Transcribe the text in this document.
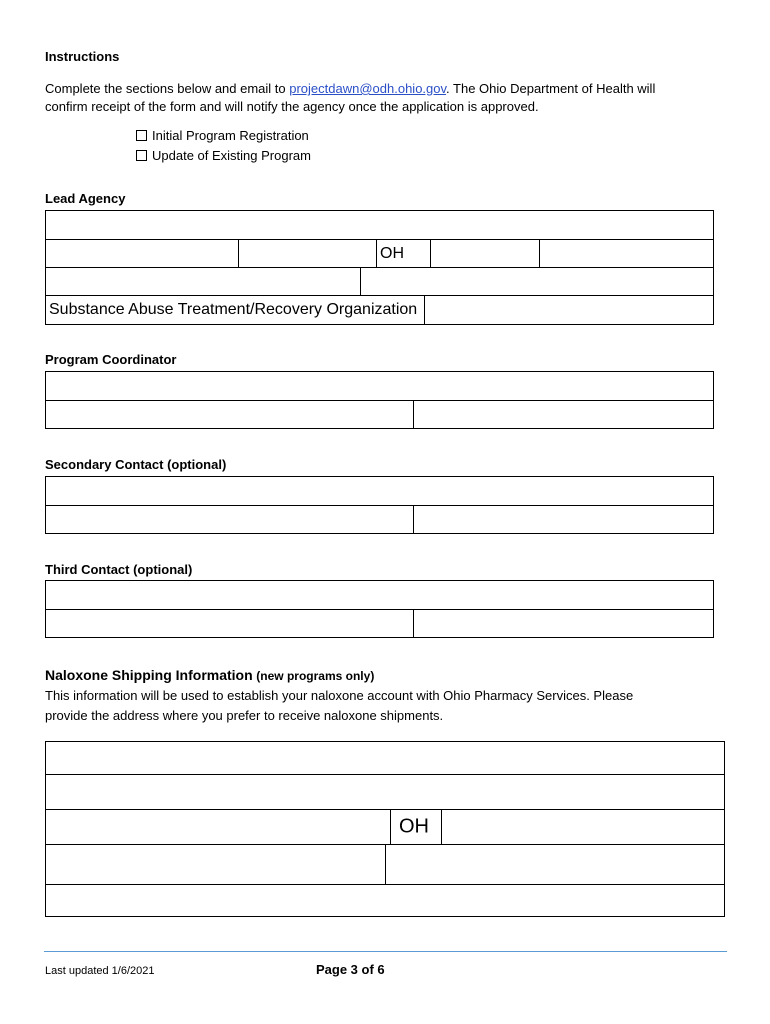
Instructions
Complete the sections below and email to projectdawn@odh.ohio.gov. The Ohio Department of Health will
confirm receipt of the form and will notify the agency once the application is approved.
Initial Program Registration
Update of Existing Program
Lead Agency
OH
Substance Abuse Treatment/Recovery Organization
Program Coordinator
Secondary Contact (optional)
Third Contact (optional)
Naloxone Shipping Information (new programs only)
This information will be used to establish your naloxone account with Ohio Pharmacy Services. Please
provide the address where you prefer to receive naloxone shipments.
OH
Last updated 1/6/2021	Page 3 of 6
